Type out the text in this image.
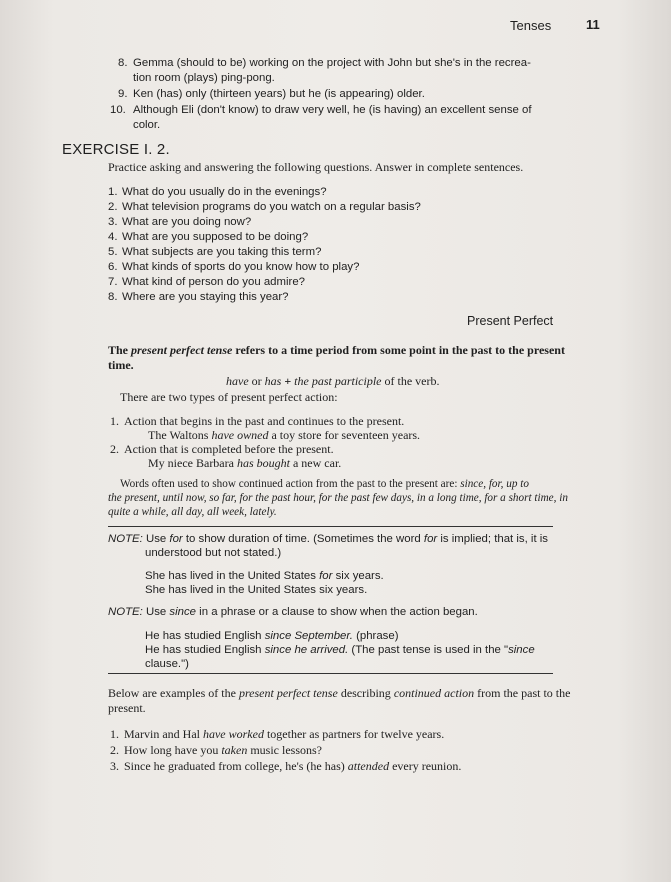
Tenses	11
8. Gemma (should to be) working on the project with John but she's in the recrea-
tion room (plays) ping-pong.
9. Ken (has) only (thirteen years) but he (is appearing) older.
10. Although Eli (don't know) to draw very well, he (is having) an excellent sense of
color.
EXERCISE I. 2.
Practice asking and answering the following questions. Answer in complete sentences.
1. What do you usually do in the evenings?
2. What television programs do you watch on a regular basis?
3. What are you doing now?
4. What are you supposed to be doing?
5. What subjects are you taking this term?
6. What kinds of sports do you know how to play?
7. What kind of person do you admire?
8. Where are you staying this year?
Present Perfect
The present perfect tense refers to a time period from some point in the past to the present
time.
have or has + the past participle of the verb.
There are two types of present perfect action:
1. Action that begins in the past and continues to the present.
The Waltons have owned a toy store for seventeen years.
2. Action that is completed before the present.
My niece Barbara has bought a new car.
Words often used to show continued action from the past to the present are: since, for, up to
the present, until now, so far, for the past hour, for the past few days, in a long time, for a short time, in
quite a while, all day, all week, lately.
NOTE: Use for to show duration of time. (Sometimes the word for is implied; that is, it is
understood but not stated.)
She has lived in the United States for six years.
She has lived in the United States six years.
NOTE: Use since in a phrase or a clause to show when the action began.
He has studied English since September. (phrase)
He has studied English since he arrived. (The past tense is used in the "since
clause.")
Below are examples of the present perfect tense describing continued action from the past to the
present.
1. Marvin and Hal have worked together as partners for twelve years.
2. How long have you taken music lessons?
3. Since he graduated from college, he's (he has) attended every reunion.
